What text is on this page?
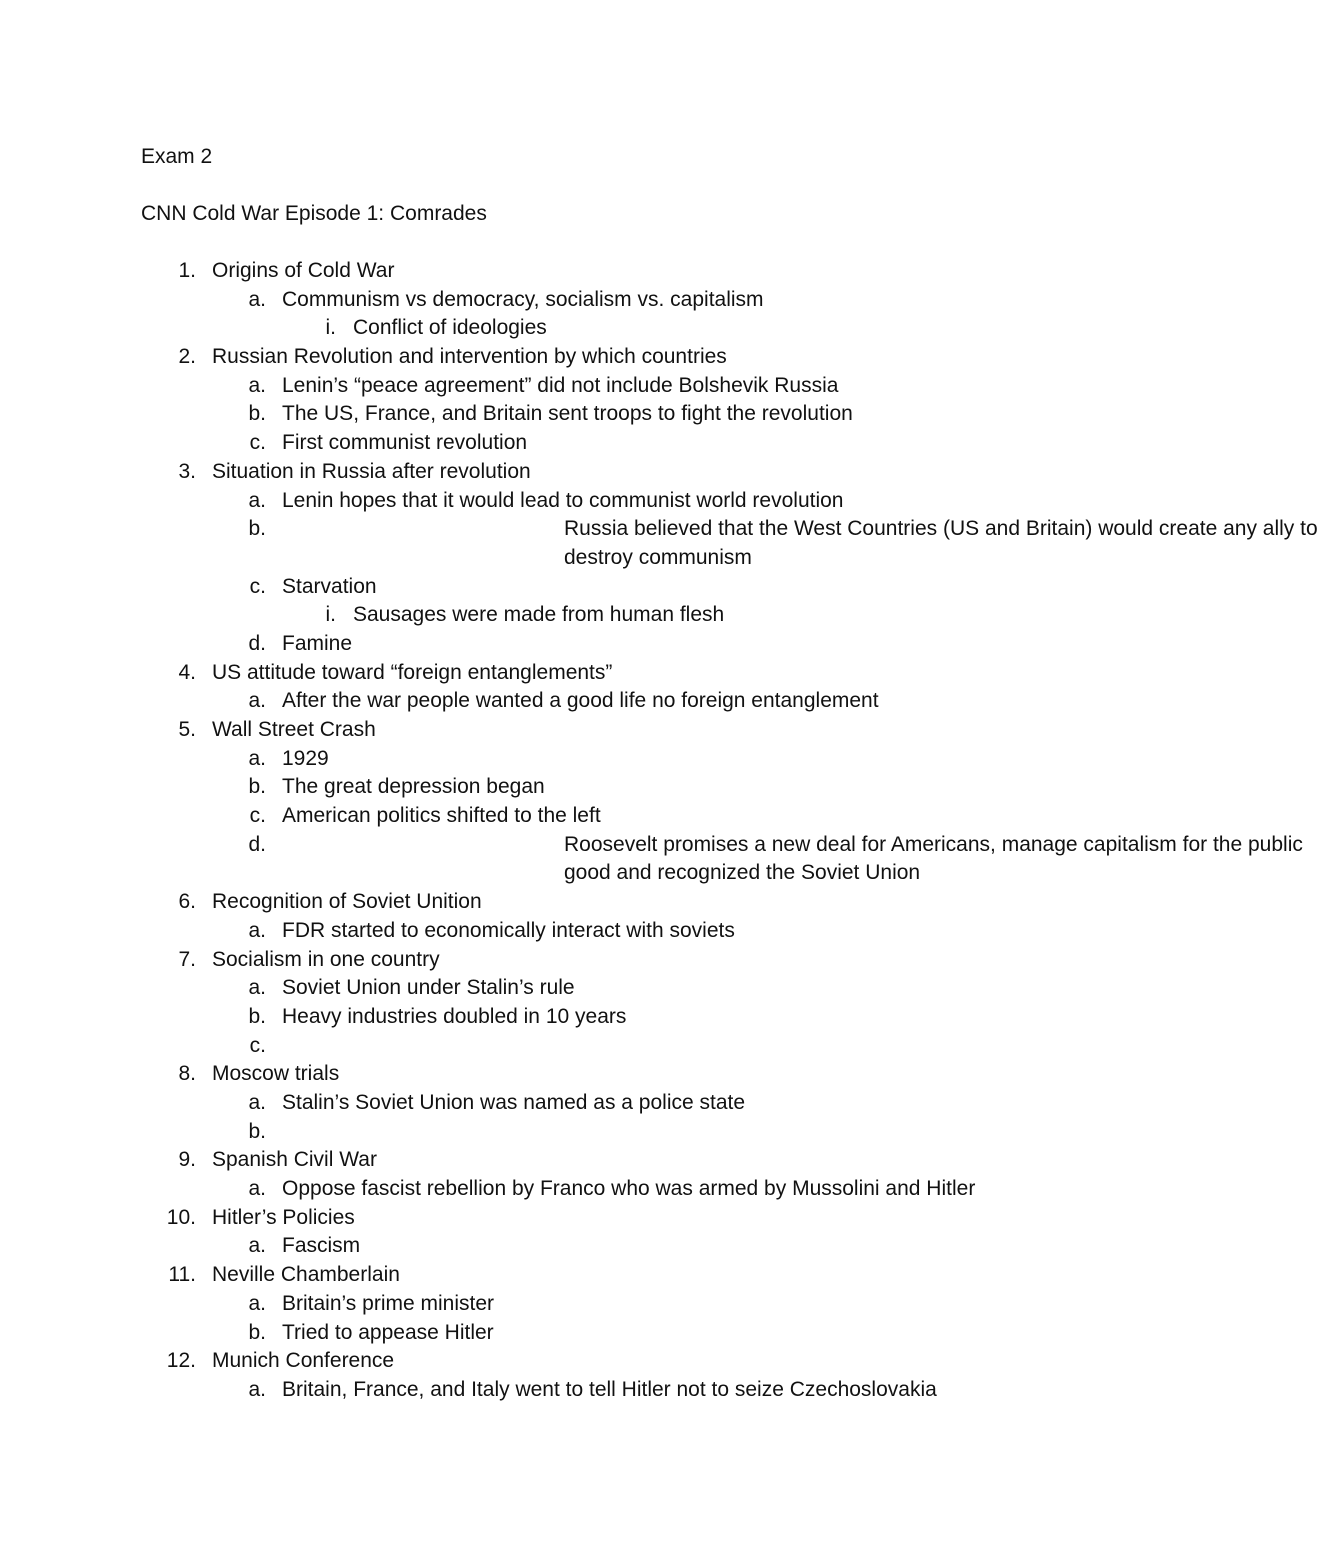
Exam 2
CNN Cold War Episode 1: Comrades
1. Origins of Cold War
a. Communism vs democracy, socialism vs. capitalism
i. Conflict of ideologies
2. Russian Revolution and intervention by which countries
a. Lenin’s “peace agreement” did not include Bolshevik Russia
b. The US, France, and Britain sent troops to fight the revolution
c. First communist revolution
3. Situation in Russia after revolution
a. Lenin hopes that it would lead to communist world revolution
b.	Russia believed that the West Countries (US and Britain) would create any ally to destroy communism
c. Starvation
i. Sausages were made from human flesh
d. Famine
4. US attitude toward “foreign entanglements”
a. After the war people wanted a good life no foreign entanglement
5. Wall Street Crash
a. 1929
b. The great depression began
c. American politics shifted to the left
d.	Roosevelt promises a new deal for Americans, manage capitalism for the public good and recognized the Soviet Union
6. Recognition of Soviet Unition
a. FDR started to economically interact with soviets
7. Socialism in one country
a. Soviet Union under Stalin’s rule
b. Heavy industries doubled in 10 years
c.
8. Moscow trials
a. Stalin’s Soviet Union was named as a police state
b.
9. Spanish Civil War
a. Oppose fascist rebellion by Franco who was armed by Mussolini and Hitler
10. Hitler’s Policies
a. Fascism
11. Neville Chamberlain
a. Britain’s prime minister
b. Tried to appease Hitler
12. Munich Conference
a. Britain, France, and Italy went to tell Hitler not to seize Czechoslovakia
